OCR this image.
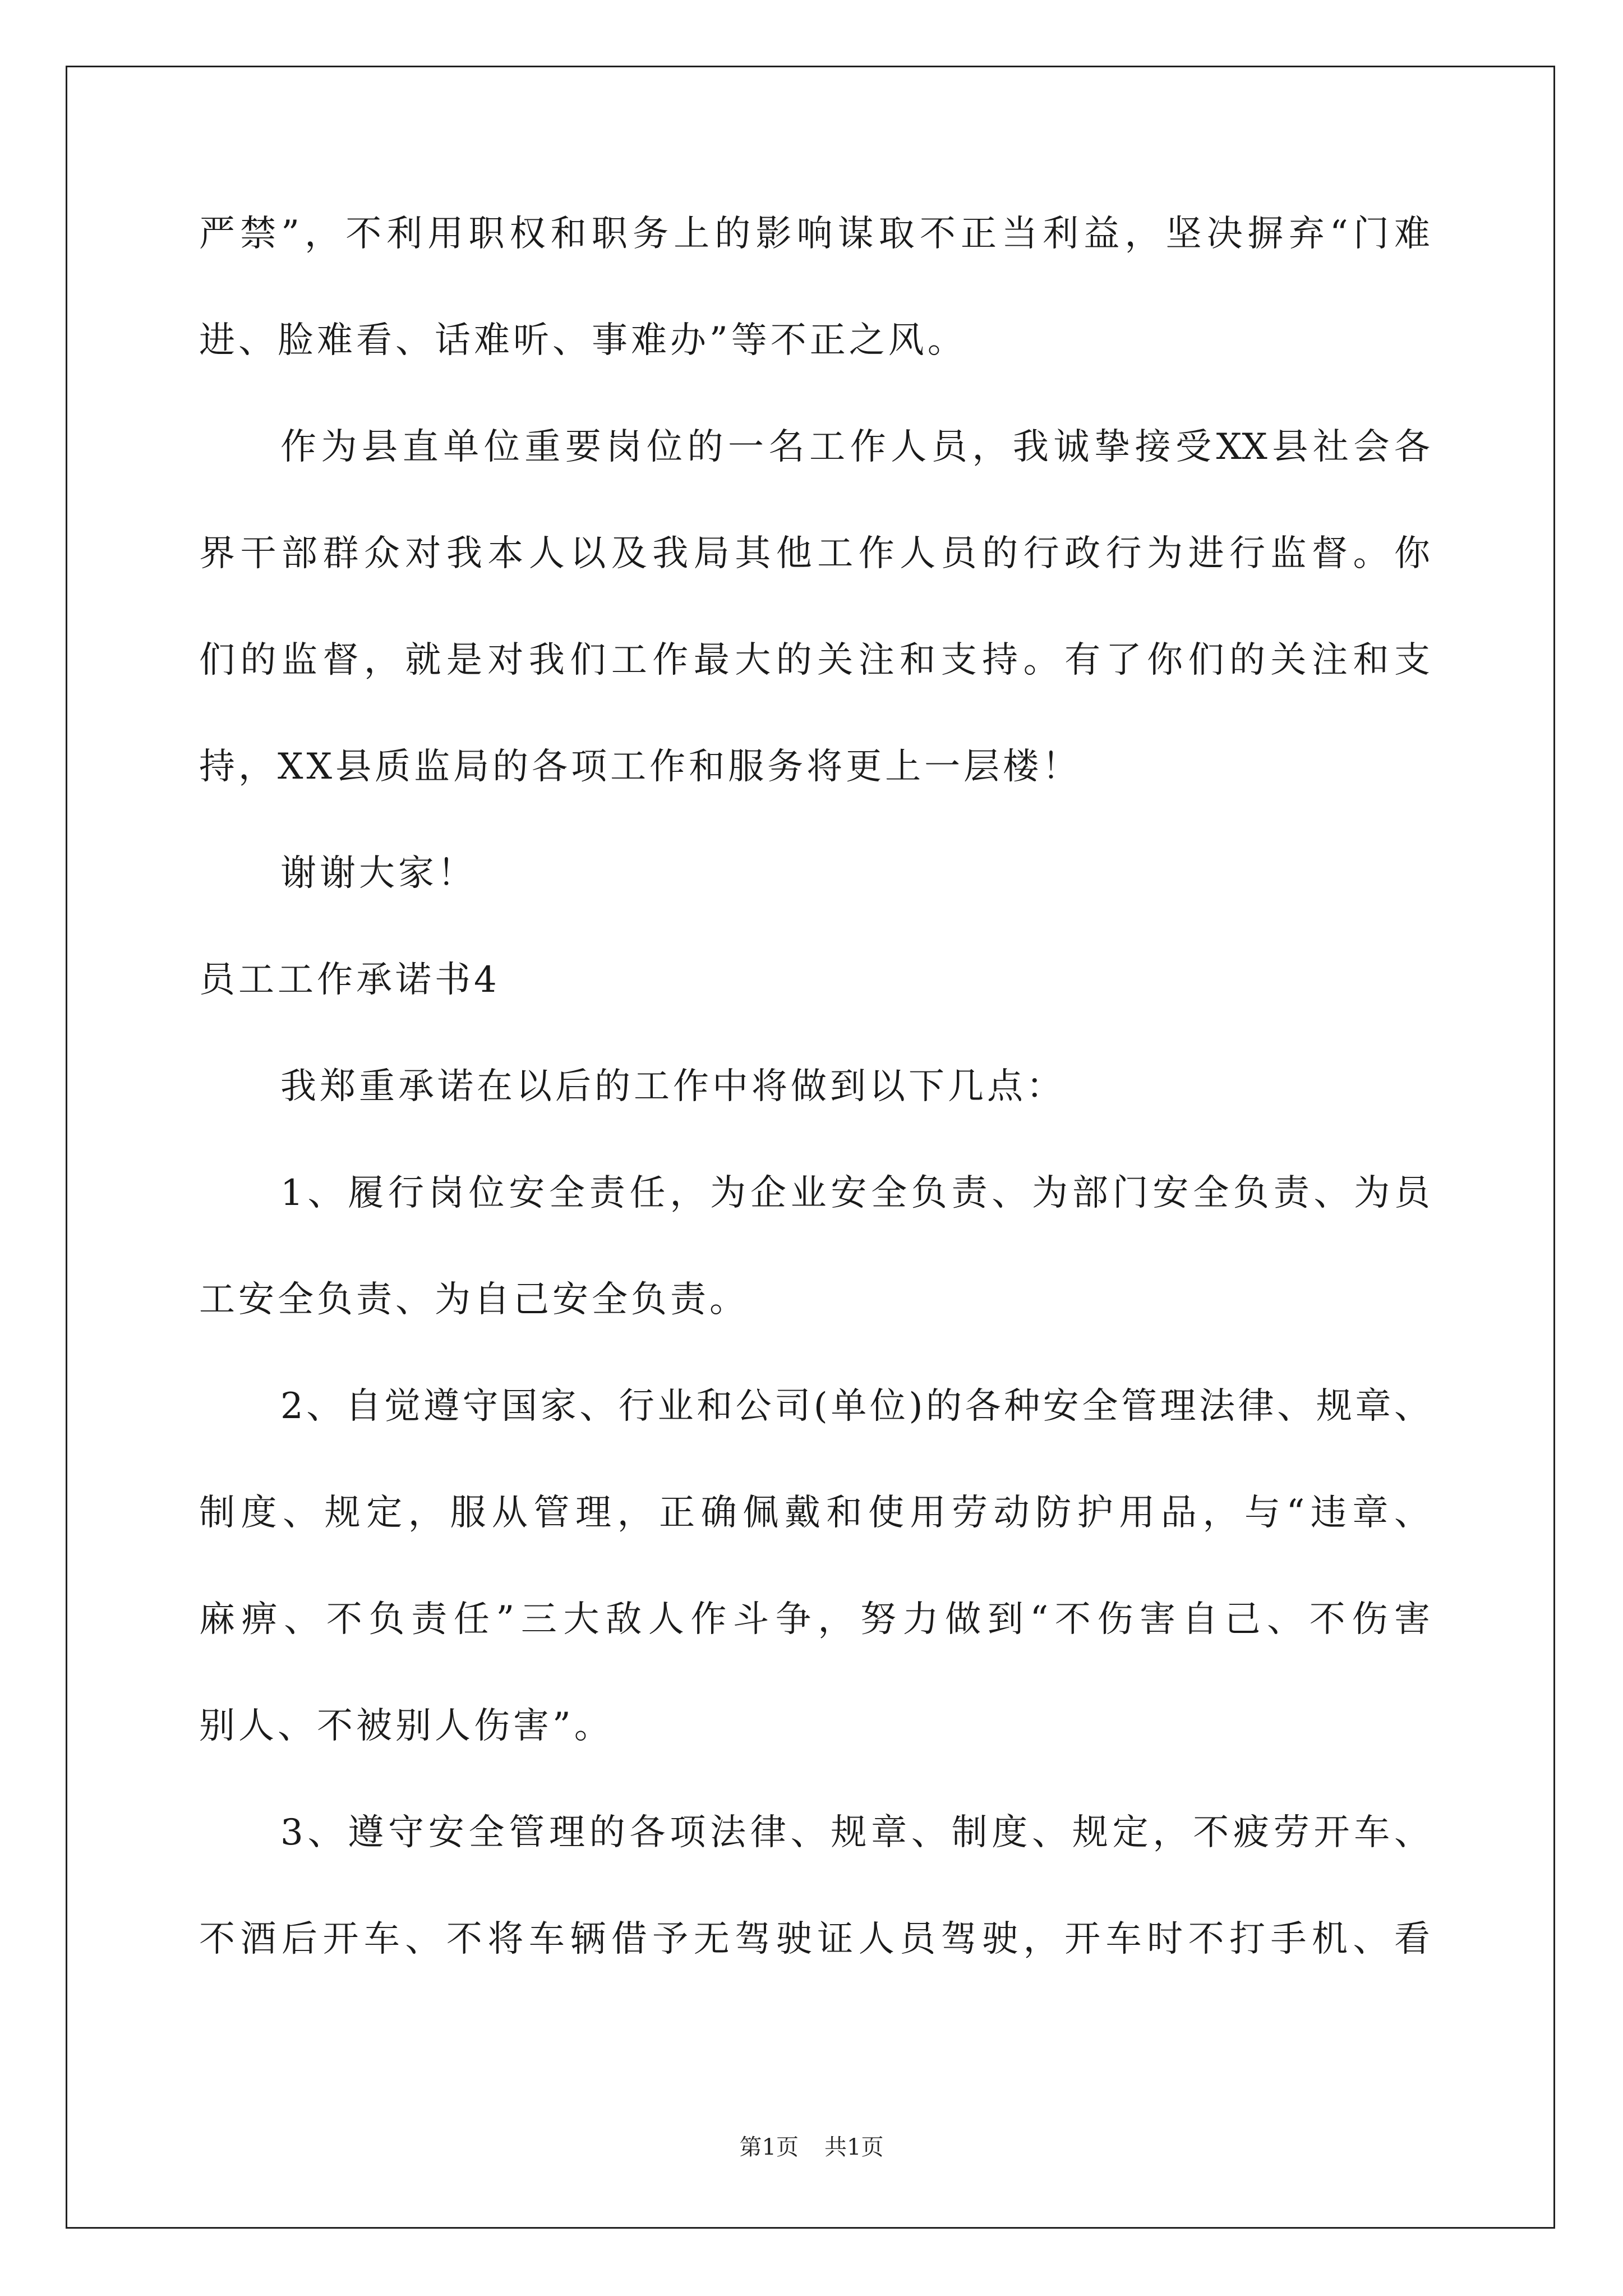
严禁”，不利用职权和职务上的影响谋取不正当利益，坚决摒弃“门难

进、脸难看、话难听、事难办”等不正之风。

作为县直单位重要岗位的一名工作人员，我诚挚接受XX县社会各

界干部群众对我本人以及我局其他工作人员的行政行为进行监督。你

们的监督，就是对我们工作最大的关注和支持。有了你们的关注和支

持，XX县质监局的各项工作和服务将更上一层楼！

谢谢大家！

员工工作承诺书4

我郑重承诺在以后的工作中将做到以下几点：

1、履行岗位安全责任，为企业安全负责、为部门安全负责、为员

工安全负责、为自己安全负责。

2、自觉遵守国家、行业和公司(单位)的各种安全管理法律、规章、

制度、规定，服从管理，正确佩戴和使用劳动防护用品，与“违章、

麻痹、不负责任”三大敌人作斗争，努力做到“不伤害自己、不伤害

别人、不被别人伤害”。

3、遵守安全管理的各项法律、规章、制度、规定，不疲劳开车、

不酒后开车、不将车辆借予无驾驶证人员驾驶，开车时不打手机、看

第1页 共1页
